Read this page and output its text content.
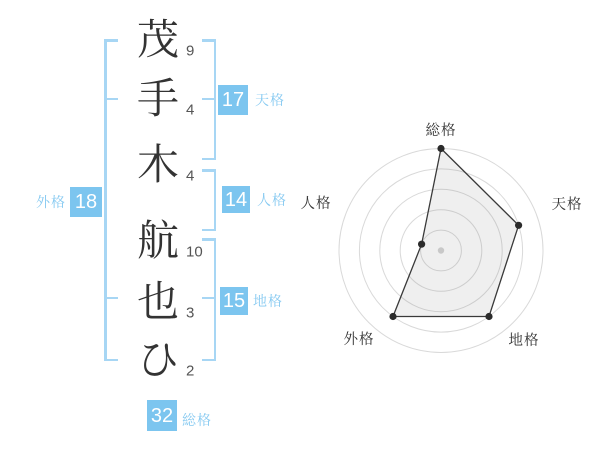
茂 9
手 4
木 4
航 10
也 3
ひ 2
外格 18
17 天格
14 人格
15 地格
32 総格
総格
天格
地格
外格
人格
